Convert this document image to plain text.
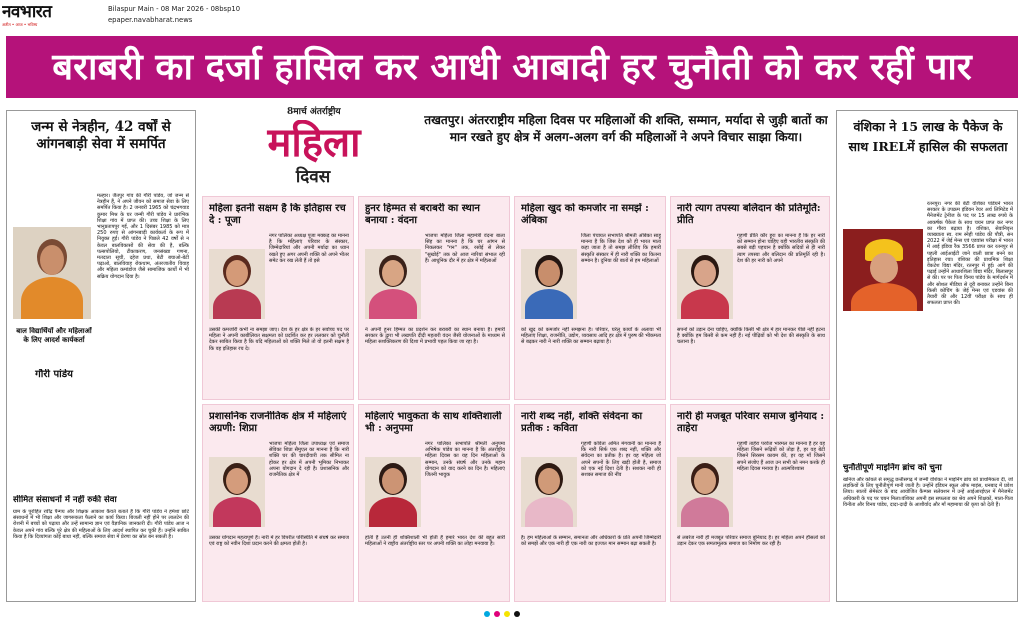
नवभारत
अतीत • आज • भविष्य
Bilaspur Main - 08 Mar 2026 - 08bsp10
epaper.navabharat.news
बराबरी का दर्जा हासिल कर आधी आबादी हर चुनौती को कर रहीं पार
जन्म से नेत्रहीन, 42 वर्षों से आंगनबाड़ी सेवा में समर्पित
बाल विद्यार्थियों और महिलाओं के लिए आदर्श कार्यकर्ता
गौरी पांडेय
मल्हार। जैतपुर गांव की गौरी पांडेय, जो जन्म से नेत्रहीन हैं, ने अपने जीवन को समाज सेवा के लिए समर्पित किया है। 2 जनवरी 1965 को चंद्रभगवाड कुमार मिश्र के घर जन्मी गौरी पांडेय ने प्रारंभिक शिक्षा गांव में प्राप्त की। उच्च शिक्षा के लिए भानुप्रतापपुर गईं, और 1 दिसंबर 1985 को मात्र 250 रुपए से आंगनबाड़ी कार्यकर्ता के रूप में नियुक्त हुईं। गौरी पांडेय ने पिछले 42 वर्षों से न केवल बालविकासों की सेवा की है, बल्कि पल्सपोलियो, टीकाकरण, जनसंख्या गणना, मतदाता सूची, दहेज प्रथा, बेटी बचाओ-बेटी पढ़ाओ, बालविवाह रोकथाम, अंतरजातीय विवाह और महिला कमांडोज जैसे सामाजिक कार्यों में भी सक्रिय योगदान दिया है।
सीमित संसाधनों में नहीं रुकी सेवा
ग्राम के पुरोहित रवींद्र पैन्गय और शिक्षक आकाश कैवर्त बताते हैं कि गौरी पांडेय ने हमेशा छोटे संसाधनों में भी शिक्षा और जागरूकता फैलाने का कार्य किया। बिजली नहीं होने पर लालटेन की रोशनी में बच्चों को पढ़ाया और उन्हें सामान्य ज्ञान एवं वैज्ञानिक जानकारी दी। गौरी पांडेय आज न केवल अपने गांव बल्कि पूरे क्षेत्र की महिलाओं के लिए आदर्श स्थापित कर चुकी हैं। उन्होंने साबित किया है कि दिव्यांगता कोई बाधा नहीं, बल्कि समाज सेवा में प्रेरणा का स्रोत बन सकती है।
8मार्च अंतर्राष्ट्रीय
महिला
दिवस
तखतपुर। अंतरराष्ट्रीय महिला दिवस पर महिलाओं की शक्ति, सम्मान, मर्यादा से जुड़ी बातों का मान रखते हुए क्षेत्र में अलग-अलग वर्ग की महिलाओं ने अपने विचार साझा किया।
महिला इतनी सक्षम है कि इतिहास रच दे : पूजा
नगर पालिका अध्यक्ष पूजा मक्कड़ का मानना है कि महिलाएं परिवार के संस्कार, जिम्मेदारियां और अपनी मर्यादा का ध्यान रखते हुए अगर अपनी शक्ति को अपने भीतर समेट कर रख लेती हैं तो इसे
उसकी कमजोरी कभी ना समझा जाए। देश के हर क्षेत्र के हर सर्वोच्च पद पर महिला ने अपनी काबीलियत सक्षमता को प्रदर्शित कर हर ललकार को चुनौती देकर साबित किया है कि यदि महिलाओं को शक्ति मिले तो वो इतनी सक्षम है कि वह इतिहास रच दे।
हुनर हिम्मत से बराबरी का स्थान बनाया : वंदना
भाजपा महिला जिला महामंत्री वंदना बाला सिंह का मानना है कि घर आंगन से निकलकर "गन" तक, रसोई से लेकर "सुखोई" तक को आज नारियां संभाल रही हैं। आधुनिक दौर में हर क्षेत्र में महिलाओं
ने अपनी हुनर हिम्मत का प्रदर्शन कर बराबरी का स्थान बनाया है। हमारी सरकार के द्वारा भी लखपति दीदी महतारी वंदन जैसी योजनाओं के माध्यम से महिला सशक्तिकरण की दिशा में प्रभावी पहल किया जा रहा है।
महिला खुद को कमजोर ना समझें : अंबिका
जिला पंचायत सभापति श्रीमती अंबिका साहू मानना है कि जिस देश को ही भारत माता कहा जाता है तो समझ लीजिए कि हमारी संस्कृति संस्कार में ही नारी शक्ति का कितना सम्मान है। दुनिया की बातों से हम महिलाओं
को खुद को कमजोर नहीं समझना है। परिवार, घरेलू कार्यों के अलावा भी महिलाएं शिक्षा, राजनीति, उद्योग, व्यवसाय आदि हर क्षेत्र में पुरुष की भीकमता से बढ़कर नारी ने नारी शक्ति का सम्मान बढ़ाया है।
नारी त्याग तपस्या बलिदान की प्रतिमूर्ति: प्रीति
गृहणी प्रीति कौर हूरा का मानना है कि हर नारी को सम्मान होना चाहिए यही भारतीय संस्कृति की सबसे बड़ी पहचान है क्योंकि सदियों से ही नारी त्याग तपस्या और बलिदान की प्रतिमूर्ति रही है। देश की हर नारी को अपने
सपनों को उड़ान देना चाहिए, क्योंकि किसी भी क्षेत्र में हार मानकर पीछे नहीं हटना है क्योंकि हम किसी से कम नहीं हैं। नई पीढ़ियों को भी देश की संस्कृति के साथ चलाना है।
प्रशासनिक राजनीतिक क्षेत्र में महिलाएं अग्रणी: शिप्रा
भाजपा महिला जिला उपाध्यक्ष एवं समाज सेविका शिप्रा सैमुएल का मानना है कि नारी शक्ति घर की चारदीवारी तक सीमित ना होकर हर क्षेत्र में अपनी भूमिका निभाकर अपना योगदान दे रही है। प्रशासनिक और राजनैतिक क्षेत्र में
उसका योगदान महत्वपूर्ण है। नारी में हर विपरीत परिस्थिति में संघर्ष कर समाज एवं राष्ट्र को नवीन दिशा प्रदान करने की क्षमता होती है।
महिलाएं भावुकता के साथ शक्तिशाली भी : अनुपमा
नगर पालिका सभापति श्रीमती अनुपमा अभिषेक पांडेय का मानना है कि अंतर्राष्ट्रीय महिला दिवस का यह दिन महिलाओं के सम्मान, उनके संघर्ष और उनके महान योगदान को याद करने का दिन है। महिलाएं जितनी भावुक
होती हैं उतनी ही शक्तिशाली भी होती हैं हमारे भारत देश की बहुत सारी महिलाओं ने राष्ट्रीय अंतर्राष्ट्रीय स्तर पर अपनी शक्ति का लोहा मनवाया है।
नारी शब्द नहीं, शक्ति संवेदना का प्रतीक : कविता
गृहणी कविता अमित मंगवानी का मानना है कि नारी सिर्फ एक शब्द नहीं, शक्ति और संवेदना का प्रतीक है। हर वह महिला जो अपने सपनों के लिए खड़ी होती है, समाज को एक नई दिशा देती है। सशक्त नारी ही सशक्त समाज की नींव
है। हम महिलाओं के सम्मान, समानता और अधिकारों के प्रति अपनी जिम्मेदारी को समझें और एक नारी ही एक नारी का इज्जत मान सम्मान बढ़ा सकती है।
नारी ही मजबूत परिवार समाज बुनियाद : ताहेरा
गृहणी ताहेरा परवेज भारमल का मानना है हर वह महिला जिसने रूढ़ियों को तोड़ा है, हर वह बेटी जिसने सिरसम कायम की, हर वह माँ जिसने सपने संजोए हैं आज उन सभी को नमन करके ही महिला दिवस मनाया है। आत्मविश्वास
से लबरेज नारी ही मजबूत परिवार समाज बुनियाद है। हर महिला अपने हौसलों को उड़ान देकर एक समतामूलक समाज का निर्माण कर रही है।
वंशिका ने 15 लाख के पैकेज के साथ IRELमें हासिल की सफलता
रतनपुर। नगर की बेटी वंशिका पांडेयने भारत सरकार के उपक्रम इंडियन रेयर अर्थ लिमिटेड में मैनेजमेंट ट्रेनीज के पद पर 15 लाख रुपये के आकर्षक पैकेज के साथ चयन प्राप्त कर नगर का गौरव बढ़ाया है। वंशिका, सेवानिवृत्त व्याख्याता स्व. राम स्नेही पांडेय की पौत्री, सन 2022 में जेई मेन्स एवं एडवांस परीक्षा में भारत में आई इंडिया रैंक 3566 प्राप्त कर रतनपुर से पहली आईआईटी जाने वाली छात्रा बनने का इतिहास रचा। वंशिका की प्राथमिक शिक्षा वेंकटेश विद्या मंदिर, रतनपुर में हुई। आगे की पढ़ाई उन्होंने आधारशिला विद्या मंदिर, बिलासपुर से की। पर पर पिता विनय पांडेय के मार्गदर्शन में और सोशल मीडिया से दूरी बनाकर उन्होंने बिना किसी कोचिंग के जेई मेन्स एवं एडवांस की तैयारी की और 12वीं परीक्षा के साथ ही सफलता प्राप्त की।
चुनौतीपूर्ण माइनिंग ब्रांच को चुना
खनिज और कोयले से समृद्ध छत्तीसगढ़ में जन्मी वंशिका ने माइनिंग ब्रांच को प्राथमिकता दी, जो लड़कियों के लिए चुनौतीपूर्ण मानी जाती है। उन्होंने इंडियन स्कूल ऑफ माइंस, धनबाद में प्रवेश लिया। सातवें सेमेस्टर के बाद आयोजित कैम्पस सलेक्शन में उन्हें आईआरईएल में मैनेजमेंट अधिकारी के पद पर चयन मिला।वंशिका अपनी इस सफलता का श्रेय अपने शिक्षकों, माता-पिता विनीता और विनय पांडेय, दादा-दादी के आशीर्वाद और माँ महामाया की कृपा को देती हैं।
